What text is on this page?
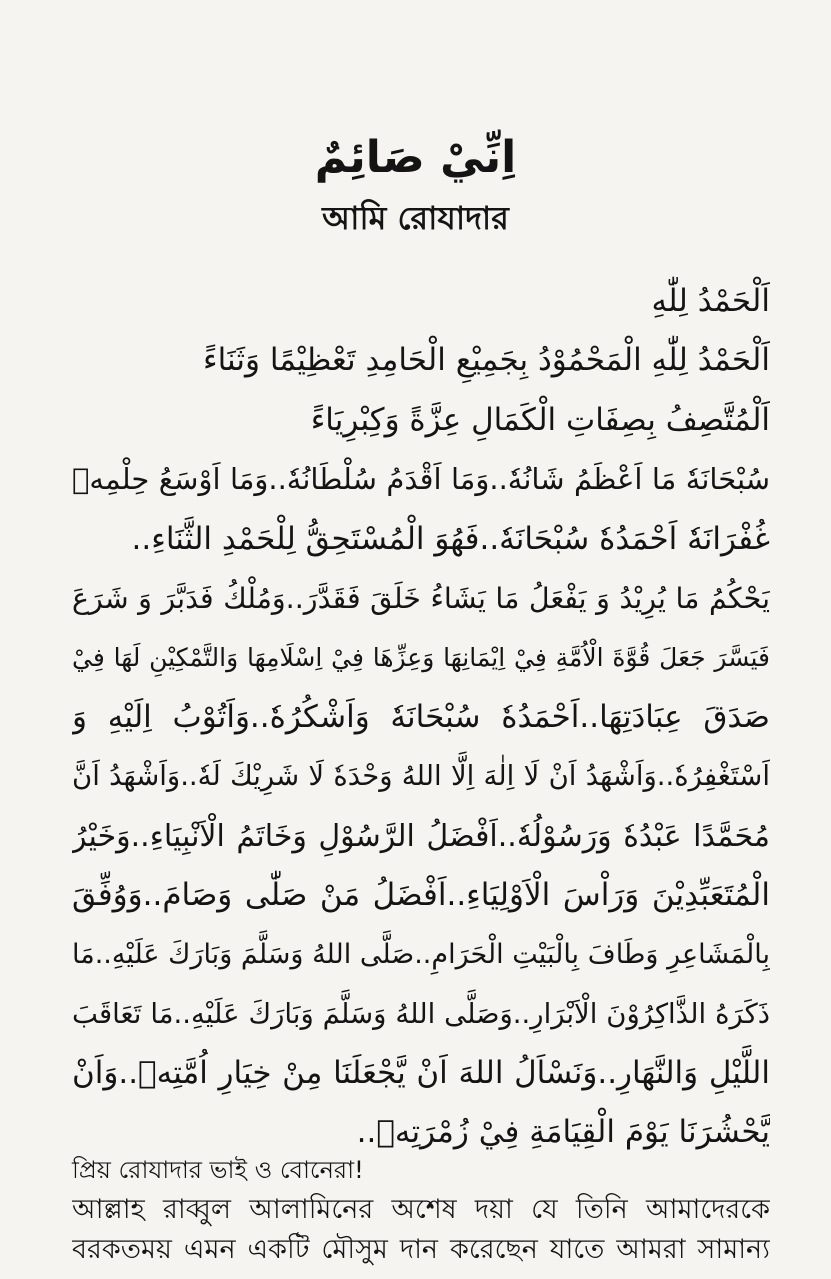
اِنِّيْ صَائِمٌ
আমি রোযাদার
اَلْحَمْدُ لِلّٰهِ
اَلْحَمْدُ لِلّٰهِ الْمَحْمُوْدُ بِجَمِيْعِ الْحَامِدِ تَعْظِيْمًا وَثَنَاءً
اَلْمُتَّصِفُ بِصِفَاتِ الْكَمَالِ عِزَّةً وَكِبْرِيَاءً
سُبْحَانَهٗ مَا اَعْظَمُ شَانُهٗ..وَمَا اَقْدَمُ سُلْطَانُهٗ..وَمَا اَوْسَعُ حِلْمِهٖ
غُفْرَانَهٗ اَحْمَدُهٗ سُبْحَانَهٗ..فَهُوَ الْمُسْتَحِقُّ لِلْحَمْدِ الثَّنَاءِ..
يَحْكُمُ مَا يُرِيْدُ وَ يَفْعَلُ مَا يَشَاءُ خَلَقَ فَقَدَّرَ..وَمُلْكُ فَدَبَّرَ وَ شَرَعَ
فَيَسَّرَ جَعَلَ قُوَّةَ الْاُمَّةِ فِيْ اِيْمَانِهَا وَعِزِّهَا فِيْ اِسْلَامِهَا وَالتَّمْكِيْنِ لَهَا فِيْ
صَدَقَ عِبَادَتِهَا..اَحْمَدُهٗ سُبْحَانَهٗ وَاَشْكُرُهٗ..وَاَتُوْبُ اِلَيْهِ وَ
اَسْتَغْفِرُهٗ..وَاَشْهَدُ اَنْ لَا اِلٰهَ اِلَّا اللهُ وَحْدَهٗ لَا شَرِيْكَ لَهٗ..وَاَشْهَدُ اَنَّ
مُحَمَّدًا عَبْدُهٗ وَرَسُوْلُهٗ..اَفْضَلُ الرَّسُوْلِ وَخَاتَمُ الْاَنْبِيَاءِ..وَخَيْرُ
الْمُتَعَبِّدِيْنَ وَرَاْسَ الْاَوْلِيَاءِ..اَفْضَلُ مَنْ صَلّٰى وَصَامَ..وَوُفِّقَ
بِالْمَشَاعِرِ وَطَافَ بِالْبَيْتِ الْحَرَامِ..صَلَّى اللهُ وَسَلَّمَ وَبَارَكَ عَلَيْهِ..مَا
ذَكَرَهُ الذَّاكِرُوْنَ الْاَبْرَارِ..وَصَلَّى اللهُ وَسَلَّمَ وَبَارَكَ عَلَيْهِ..مَا تَعَاقَبَ
اللَّيْلِ وَالنَّهَارِ..وَنَسْاَلُ اللهَ اَنْ يَّجْعَلَنَا مِنْ خِيَارِ اُمَّتِهٖ..وَاَنْ
يَّحْشُرَنَا يَوْمَ الْقِيَامَةِ فِيْ زُمْرَتِهٖ..
প্রিয় রোযাদার ভাই ও বোনেরা!
আল্লাহ রাব্বুল আলামিনের অশেষ দয়া যে তিনি আমাদেরকে
বরকতময় এমন একটি মৌসুম দান করেছেন যাতে আমরা সামান্য
